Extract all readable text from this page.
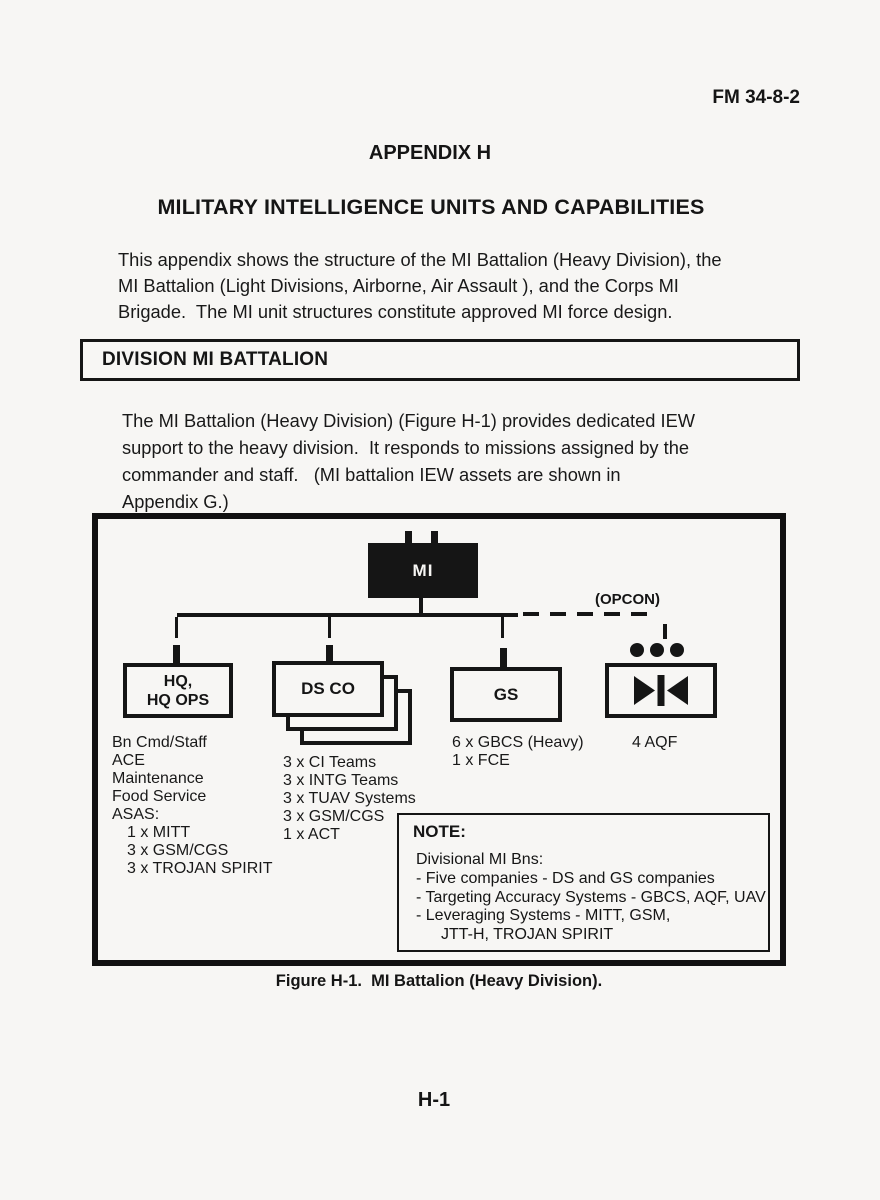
FM 34-8-2
APPENDIX H
MILITARY INTELLIGENCE UNITS AND CAPABILITIES
This appendix shows the structure of the MI Battalion (Heavy Division), the
MI Battalion (Light Divisions, Airborne, Air Assault ), and the Corps MI
Brigade.  The MI unit structures constitute approved MI force design.
DIVISION MI BATTALION
The MI Battalion (Heavy Division) (Figure H-1) provides dedicated IEW
support to the heavy division.  It responds to missions assigned by the
commander and staff.   (MI battalion IEW assets are shown in
Appendix G.)
MI
(OPCON)
HQ,
HQ OPS
DS CO	GS
Bn Cmd/Staff
ACE
Maintenance
Food Service
ASAS:
1 x MITT
3 x GSM/CGS
3 x TROJAN SPIRIT
3 x CI Teams
3 x INTG Teams
3 x TUAV Systems
3 x GSM/CGS
1 x ACT
6 x GBCS (Heavy)
1 x FCE
4 AQF
NOTE:
Divisional MI Bns:
- Five companies - DS and GS companies
- Targeting Accuracy Systems - GBCS, AQF, UAV
- Leveraging Systems - MITT, GSM,
JTT-H, TROJAN SPIRIT
Figure H-1.  MI Battalion (Heavy Division).
H-1
